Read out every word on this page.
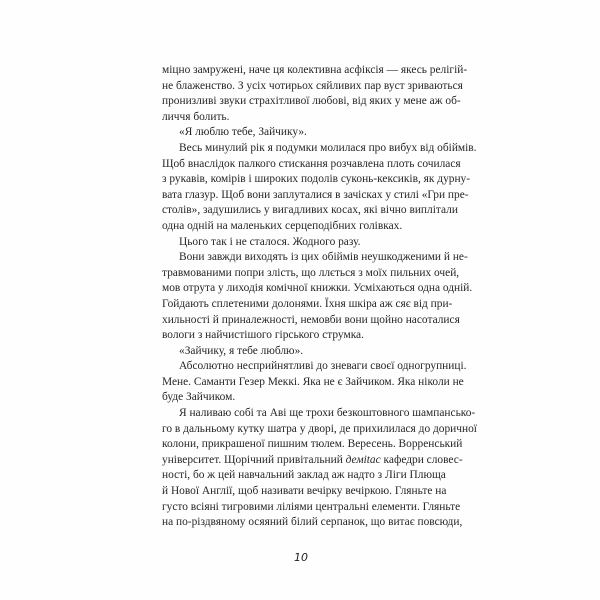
міцно замружені, наче ця колективна асфіксія — якесь релігій-
не блаженство. З усіх чотирьох сяйливих пар вуст зриваються
пронизливі звуки страхітливої любові, від яких у мене аж об-
личчя болить.
«Я люблю тебе, Зайчику».
Весь минулий рік я подумки молилася про вибух від обіймів.
Щоб внаслідок палкого стискання розчавлена плоть сочилася
з рукавів, комірів і широких подолів суконь-кексиків, як дурну-
вата глазур. Щоб вони заплуталися в зачісках у стилі «Гри пре-
столів», задушились у вигадливих косах, які вічно виплітали
одна одній на маленьких серцеподібних голівках.
Цього так і не сталося. Жодного разу.
Вони завжди виходять із цих обіймів неушкодженими й не-
травмованими попри злість, що ллється з моїх пильних очей,
мов отрута у лиходія комічної книжки. Усміхаються одна одній.
Гойдають сплетеними долонями. Їхня шкіра аж сяє від при-
хильності й приналежності, немовби вони щойно насоталися
вологи з найчистішого гірського струмка.
«Зайчику, я тебе люблю».
Абсолютно несприйнятливі до зневаги своєї одногрупниці.
Мене. Саманти Гезер Меккі. Яка не є Зайчиком. Яка ніколи не
буде Зайчиком.
Я наливаю собі та Аві ще трохи безкоштовного шампансько-
го в дальньому кутку шатра у дворі, де прихилилася до доричної
колони, прикрашеної пишним тюлем. Вересень. Ворренський
університет. Щорічний привітальний деміtас кафедри словес-
ності, бо ж цей навчальний заклад аж надто з Ліги Плюща
й Нової Англії, щоб називати вечірку вечіркою. Гляньте на
густо всіяні тигровими ліліями центральні елементи. Гляньте
на по-різдвяному осяяний білий серпанок, що витає повсюди,
10
